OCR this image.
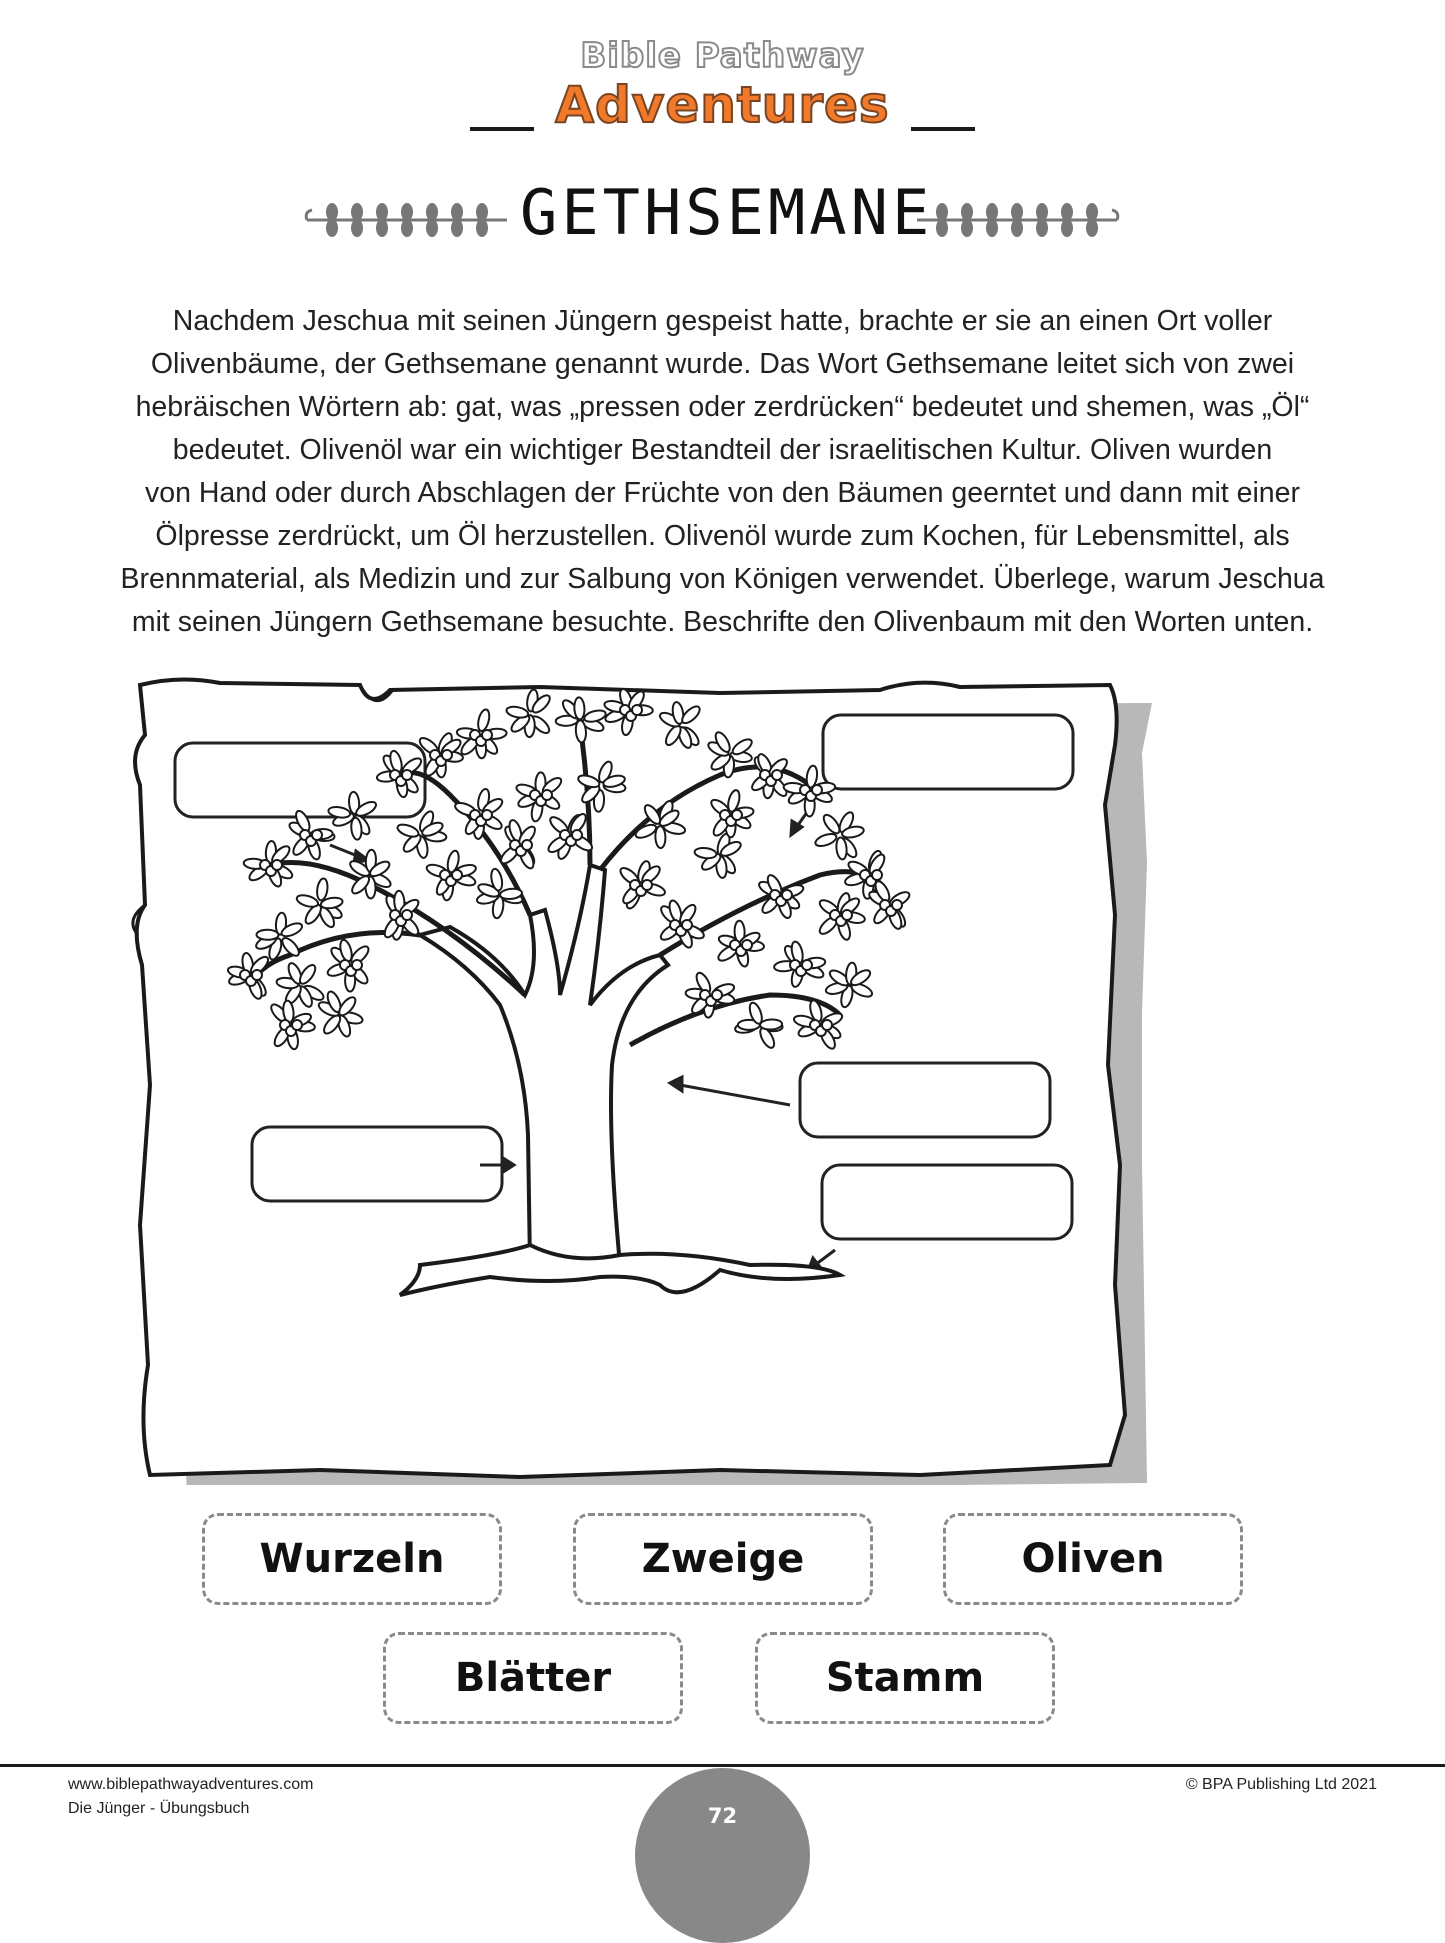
Bible Pathway
Adventures
GETHSEMANE
Nachdem Jeschua mit seinen Jüngern gespeist hatte, brachte er sie an einen Ort voller
Olivenbäume, der Gethsemane genannt wurde. Das Wort Gethsemane leitet sich von zwei
hebräischen Wörtern ab: gat, was „pressen oder zerdrücken“ bedeutet und shemen, was „Öl“
bedeutet. Olivenöl war ein wichtiger Bestandteil der israelitischen Kultur. Oliven wurden
von Hand oder durch Abschlagen der Früchte von den Bäumen geerntet und dann mit einer
Ölpresse zerdrückt, um Öl herzustellen. Olivenöl wurde zum Kochen, für Lebensmittel, als
Brennmaterial, als Medizin und zur Salbung von Königen verwendet. Überlege, warum Jeschua
mit seinen Jüngern Gethsemane besuchte. Beschrifte den Olivenbaum mit den Worten unten.
Wurzeln	Zweige	Oliven
Blätter	Stamm
www.biblepathwayadventures.com
Die Jünger - Übungsbuch
© BPA Publishing Ltd 2021
72
